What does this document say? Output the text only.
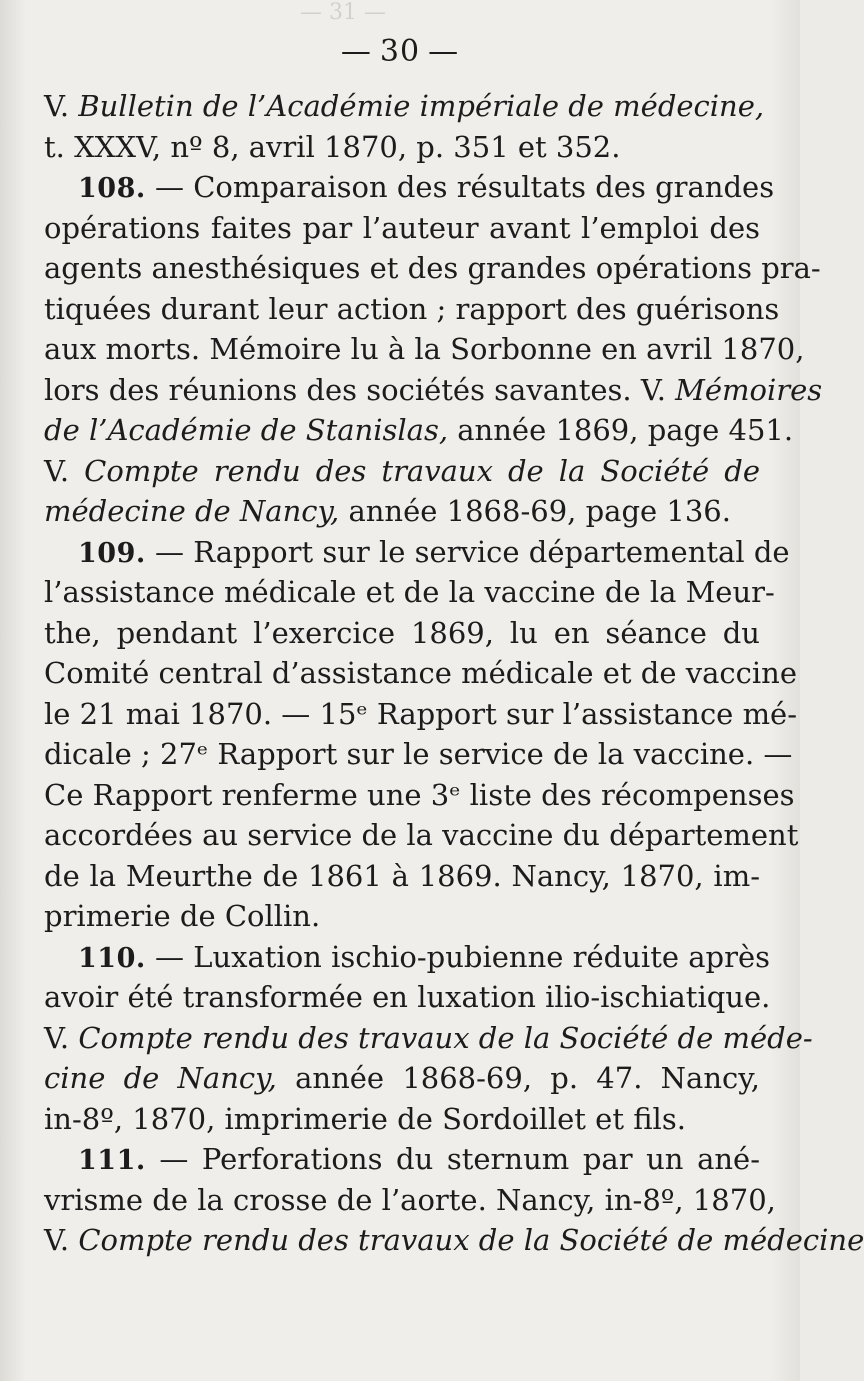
— 31 —
— 30 —
V. Bulletin de l’Académie impériale de médecine,
t. XXXV, nº 8, avril 1870, p. 351 et 352.
108. — Comparaison des résultats des grandes
opérations faites par l’auteur avant l’emploi des
agents anesthésiques et des grandes opérations pra-
tiquées durant leur action ; rapport des guérisons
aux morts. Mémoire lu à la Sorbonne en avril 1870,
lors des réunions des sociétés savantes. V. Mémoires
de l’Académie de Stanislas, année 1869, page 451.
V. Compte rendu des travaux de la Société de
médecine de Nancy, année 1868-69, page 136.
109. — Rapport sur le service départemental de
l’assistance médicale et de la vaccine de la Meur-
the, pendant l’exercice 1869, lu en séance du
Comité central d’assistance médicale et de vaccine
le 21 mai 1870. — 15ᵉ Rapport sur l’assistance mé-
dicale ; 27ᵉ Rapport sur le service de la vaccine. —
Ce Rapport renferme une 3ᵉ liste des récompenses
accordées au service de la vaccine du département
de la Meurthe de 1861 à 1869. Nancy, 1870, im-
primerie de Collin.
110. — Luxation ischio-pubienne réduite après
avoir été transformée en luxation ilio-ischiatique.
V. Compte rendu des travaux de la Société de méde-
cine de Nancy, année 1868-69, p. 47. Nancy,
in-8º, 1870, imprimerie de Sordoillet et fils.
111. — Perforations du sternum par un ané-
vrisme de la crosse de l’aorte. Nancy, in-8º, 1870,
V. Compte rendu des travaux de la Société de médecine
